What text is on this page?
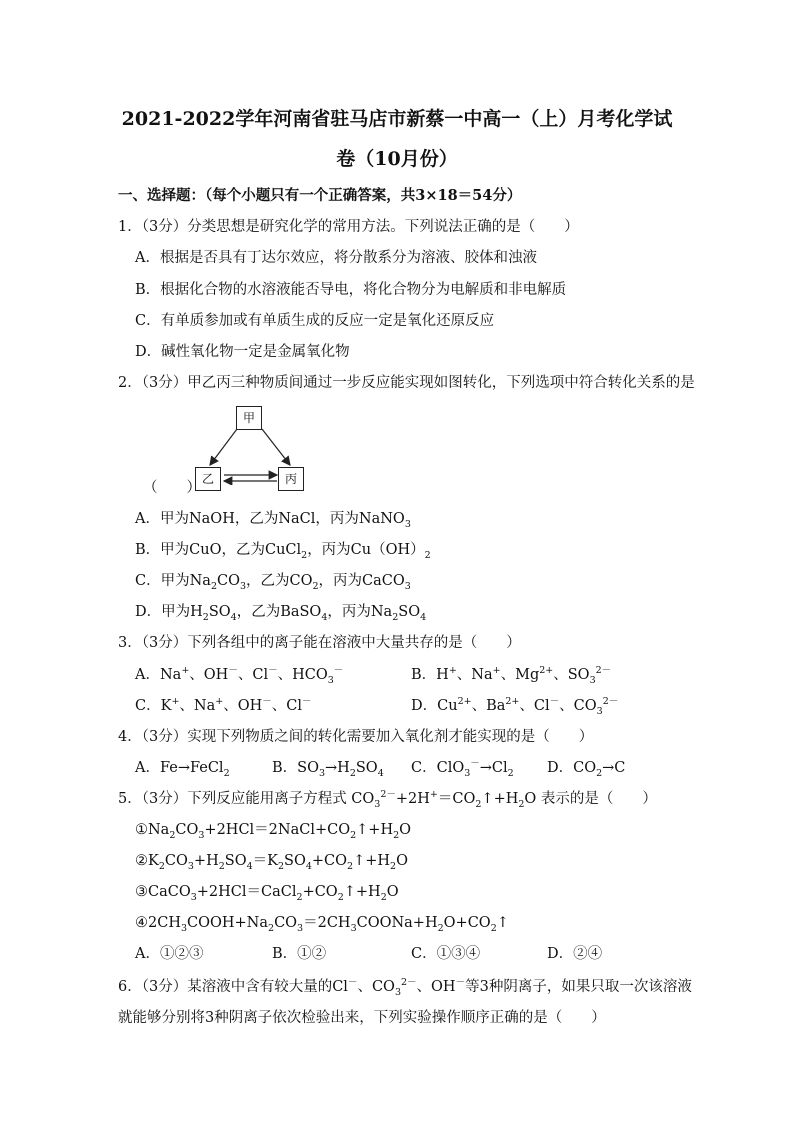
2021-2022学年河南省驻马店市新蔡一中高一（上）月考化学试
卷（10月份）
一、选择题：（每个小题只有一个正确答案，共3×18＝54分）
1．（3分）分类思想是研究化学的常用方法。下列说法正确的是（　　）
A．根据是否具有丁达尔效应，将分散系分为溶液、胶体和浊液
B．根据化合物的水溶液能否导电，将化合物分为电解质和非电解质
C．有单质参加或有单质生成的反应一定是氧化还原反应
D．碱性氧化物一定是金属氧化物
2．（3分）甲乙丙三种物质间通过一步反应能实现如图转化，下列选项中符合转化关系的是
甲
乙	丙
（　　）
A．甲为NaOH，乙为NaCl，丙为NaNO$_3$
B．甲为CuO，乙为CuCl$_2$，丙为$Cu(OH)_2$
C．甲为$Na_2CO_3$，乙为$CO_2$，丙为CaCO$_3$
D．甲为$H_2SO_4$，乙为BaSO$_4$，丙为$Na_2SO_4$
3．（3分）下列各组中的离子能在溶液中大量共存的是（　　）
A．Na+、OH－、Cl－、$HCO_3^-$	B．H+、Na+、$Mg^{2+}$、$SO_3^{2-}$
C．K+、Na+、OH－、Cl－	D．$Cu^{2+}$、$Ba^{2+}$、Cl－、$CO_3^{2-}$
4．（3分）实现下列物质之间的转化需要加入氧化剂才能实现的是（　　）
A．Fe→FeCl$_2$	B．$SO_3\to H_2SO_4$ C．$ClO_3^-\to Cl_2$ D．$CO_2\to C$
5．（3分）下列反应能用离子方程式 $CO_3^{2-}+2H^+=CO_2↑+H_2O$ 表示的是（　　）
$①Na_2CO_3+2HCl=2NaCl+CO_2↑+H_2O$
$②K_2CO_3+H_2SO_4=K_2SO_4+CO_2↑+H_2O$
$③CaCO_3+2HCl=CaCl_2+CO_2↑+H_2O$
$④2CH_3COOH+Na_2CO_3=2CH_3COONa+H_2O+CO_2↑$
A．①②③	B．①②	C．①③④	D．②④
6．（3分）某溶液中含有较大量的Cl－、$CO_3^{2-}$、OH－等3种阴离子，如果只取一次该溶液
就能够分别将3种阴离子依次检验出来，下列实验操作顺序正确的是（　　）
